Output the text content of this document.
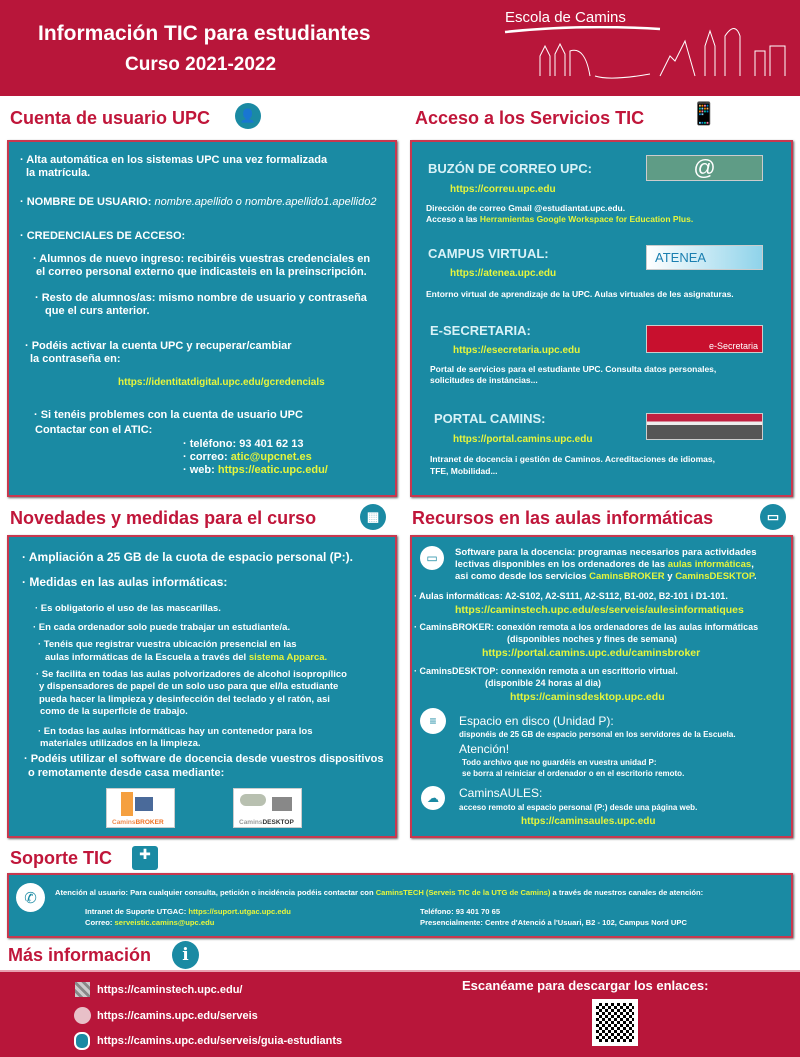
Información TIC para estudiantes
Curso 2021-2022
Escola de Camins
Cuenta de usuario UPC	👤
· Alta automática en los sistemas UPC una vez formalizada
la matrícula.
· NOMBRE DE USUARIO: nombre.apellido o nombre.apellido1.apellido2
· CREDENCIALES DE ACCESO:
· Alumnos de nuevo ingreso: recibiréis vuestras credenciales en
el correo personal externo que indicasteis en la preinscripción.
· Resto de alumnos/as: mismo nombre de usuario y contraseña
que el curs anterior.
· Podéis activar la cuenta UPC y recuperar/cambiar
la contraseña en:
https://identitatdigital.upc.edu/gcredencials
· Si tenéis problemes con la cuenta de usuario UPC
Contactar con el ATIC:
· teléfono: 93 401 62 13
· correo: atic@upcnet.es
· web: https://eatic.upc.edu/
Acceso a los Servicios TIC 📱
BUZÓN DE CORREO UPC:	@
https://correu.upc.edu
Dirección de correo Gmail @estudiantat.upc.edu.
Acceso a las Herramientas Google Workspace for Education Plus.
CAMPUS VIRTUAL:	ATENEA
https://atenea.upc.edu
Entorno virtual de aprendizaje de la UPC. Aulas virtuales de les asignaturas.
E-SECRETARIA:
e-Secretaria
https://esecretaria.upc.edu
Portal de servicios para el estudiante UPC. Consulta datos personales,
solicitudes de instáncias...
PORTAL CAMINS:
https://portal.camins.upc.edu
Intranet de docencia i gestión de Caminos. Acreditaciones de idiomas,
TFE, Mobilidad...
Novedades y medidas para el curso	▦
· Ampliación a 25 GB de la cuota de espacio personal (P:).
· Medidas en las aulas informáticas:
· Es obligatorio el uso de las mascarillas.
· En cada ordenador solo puede trabajar un estudiante/a.
· Tenéis que registrar vuestra ubicación presencial en las
aulas informáticas de la Escuela a través del sistema Apparca.
· Se facilita en todas las aulas polvorizadores de alcohol isopropílico
y dispensadores de papel de un solo uso para que el/la estudiante
pueda hacer la limpieza y desinfección del teclado y el ratón, asi
como de la superficie de trabajo.
· En todas las aulas informáticas hay un contenedor para los
materiales utilizados en la limpieza.
· Podéis utilizar el software de docencia desde vuestros dispositivos
o remotamente desde casa mediante:
CaminsBROKER	CaminsDESKTOP
Recursos en las aulas informáticas	▭
▭	Software para la docencia: programas necesarios para actividades
lectivas disponibles en los ordenadores de las aulas informáticas,
asi como desde los servicios CaminsBROKER y CaminsDESKTOP.
· Aulas informáticas: A2-S102, A2-S111, A2-S112, B1-002, B2-101 i D1-101.
https://caminstech.upc.edu/es/serveis/aulesinformatiques
· CaminsBROKER: conexión remota a los ordenadores de las aulas informáticas
(disponibles noches y fines de semana)
https://portal.camins.upc.edu/caminsbroker
· CaminsDESKTOP: connexión remota a un escrittorio virtual.
(disponible 24 horas al dia)
https://caminsdesktop.upc.edu
≡	Espacio en disco (Unidad P):
disponéis de 25 GB de espacio personal en los servidores de la Escuela.
Atención!
Todo archivo que no guardéis en vuestra unidad P:
se borra al reiniciar el ordenador o en el escritorio remoto.
☁	CaminsAULES:
acceso remoto al espacio personal (P:) desde una página web.
https://caminsaules.upc.edu
Soporte TIC	✚
✆	Atención al usuario: Para cualquier consulta, petición o incidéncia podéis contactar con CaminsTECH (Serveis TIC de la UTG de Camins) a través de nuestros canales de atención:
Intranet de Suporte UTGAC: https://suport.utgac.upc.edu
Correo: serveistic.camins@upc.edu
Teléfono: 93 401 70 65
Presencialmente: Centre d'Atenció a l'Usuari, B2 - 102, Campus Nord UPC
Más información	i
https://caminstech.upc.edu/
https://camins.upc.edu/serveis
https://camins.upc.edu/serveis/guia-estudiants
Escanéame para descargar los enlaces:
